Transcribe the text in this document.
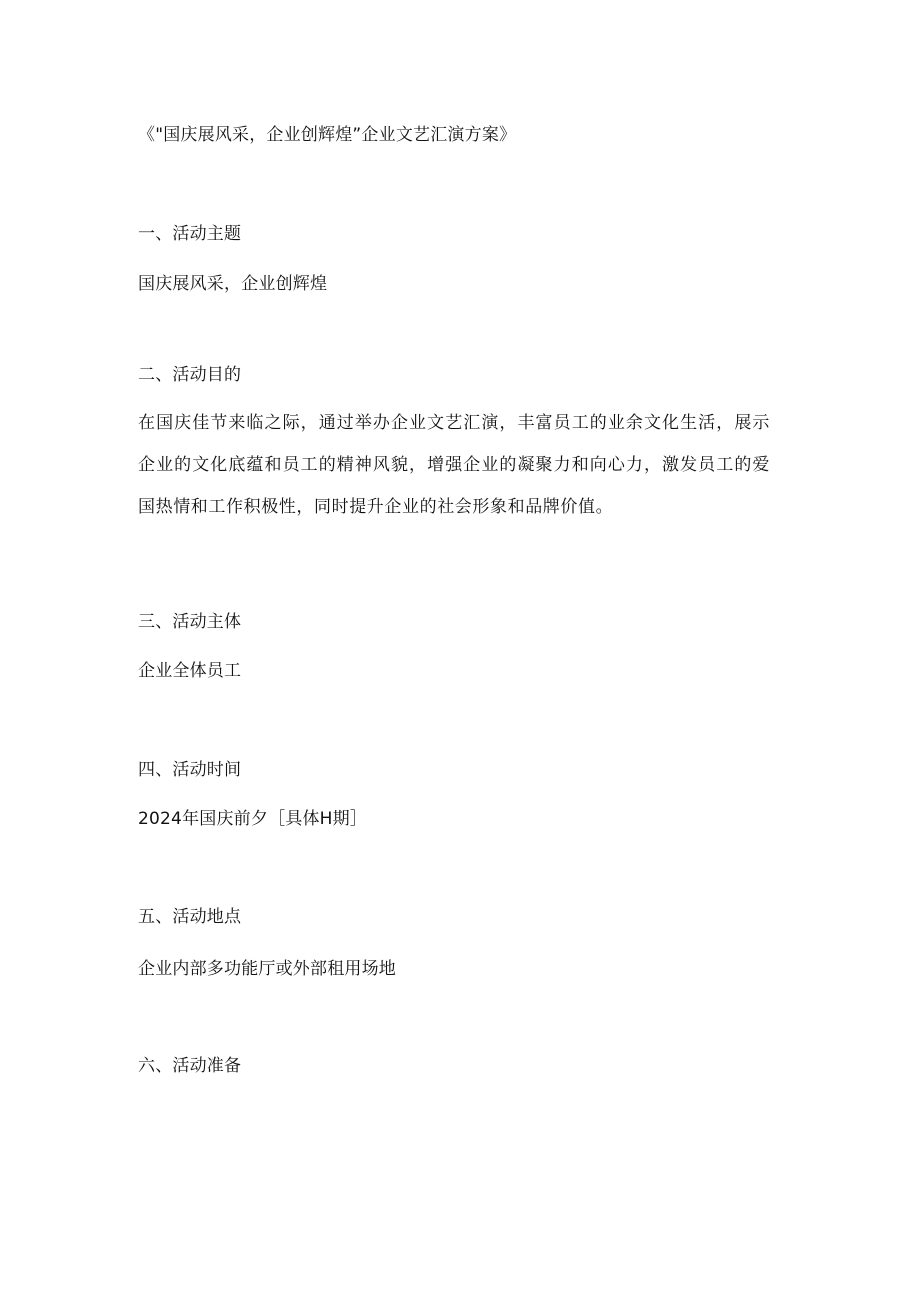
《"国庆展风采，企业创辉煌”企业文艺汇演方案》
一、活动主题
国庆展风采，企业创辉煌
二、活动目的
在国庆佳节来临之际，通过举办企业文艺汇演，丰富员工的业余文化生活，展示企业的文化底蕴和员工的精神风貌，增强企业的凝聚力和向心力，激发员工的爱国热情和工作积极性，同时提升企业的社会形象和品牌价值。
三、活动主体
企业全体员工
四、活动时间
2024年国庆前夕［具体H期］
五、活动地点
企业内部多功能厅或外部租用场地
六、活动准备
